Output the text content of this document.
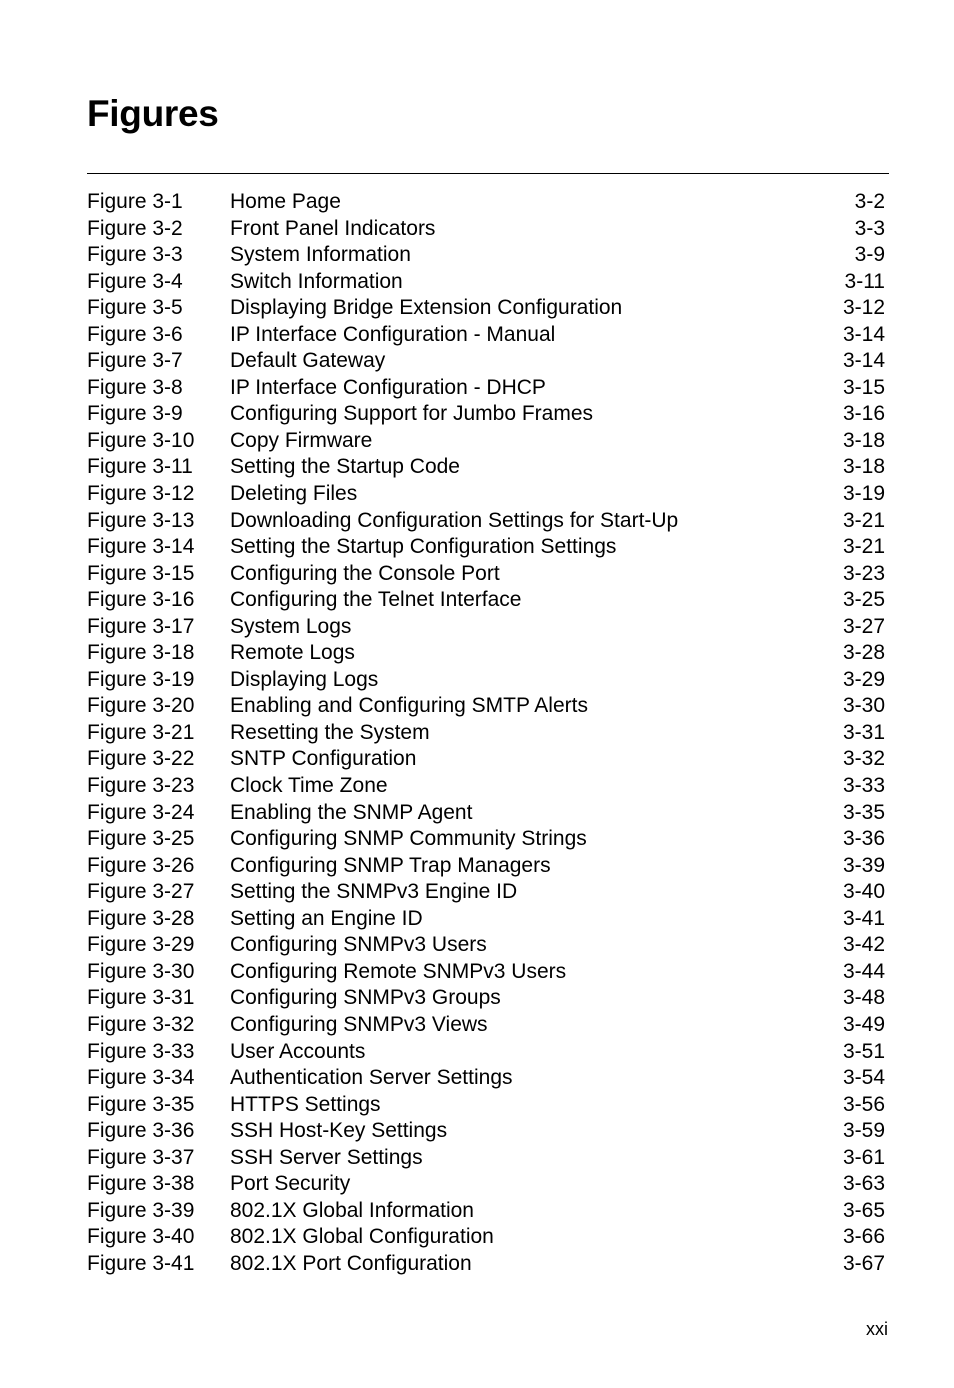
Figures
Figure 3-1 Home Page	3-2
Figure 3-2 Front Panel Indicators	3-3
Figure 3-3 System Information	3-9
Figure 3-4 Switch Information	3-11
Figure 3-5 Displaying Bridge Extension Configuration	3-12
Figure 3-6 IP Interface Configuration - Manual	3-14
Figure 3-7 Default Gateway	3-14
Figure 3-8 IP Interface Configuration - DHCP	3-15
Figure 3-9 Configuring Support for Jumbo Frames	3-16
Figure 3-10 Copy Firmware	3-18
Figure 3-11 Setting the Startup Code	3-18
Figure 3-12 Deleting Files	3-19
Figure 3-13 Downloading Configuration Settings for Start-Up	3-21
Figure 3-14 Setting the Startup Configuration Settings	3-21
Figure 3-15 Configuring the Console Port	3-23
Figure 3-16 Configuring the Telnet Interface	3-25
Figure 3-17 System Logs	3-27
Figure 3-18 Remote Logs	3-28
Figure 3-19 Displaying Logs	3-29
Figure 3-20 Enabling and Configuring SMTP Alerts	3-30
Figure 3-21 Resetting the System	3-31
Figure 3-22 SNTP Configuration	3-32
Figure 3-23 Clock Time Zone	3-33
Figure 3-24 Enabling the SNMP Agent	3-35
Figure 3-25 Configuring SNMP Community Strings	3-36
Figure 3-26 Configuring SNMP Trap Managers	3-39
Figure 3-27 Setting the SNMPv3 Engine ID	3-40
Figure 3-28 Setting an Engine ID	3-41
Figure 3-29 Configuring SNMPv3 Users	3-42
Figure 3-30 Configuring Remote SNMPv3 Users	3-44
Figure 3-31 Configuring SNMPv3 Groups	3-48
Figure 3-32 Configuring SNMPv3 Views	3-49
Figure 3-33 User Accounts	3-51
Figure 3-34 Authentication Server Settings	3-54
Figure 3-35 HTTPS Settings	3-56
Figure 3-36 SSH Host-Key Settings	3-59
Figure 3-37 SSH Server Settings	3-61
Figure 3-38 Port Security	3-63
Figure 3-39 802.1X Global Information	3-65
Figure 3-40 802.1X Global Configuration	3-66
Figure 3-41 802.1X Port Configuration	3-67
xxi
